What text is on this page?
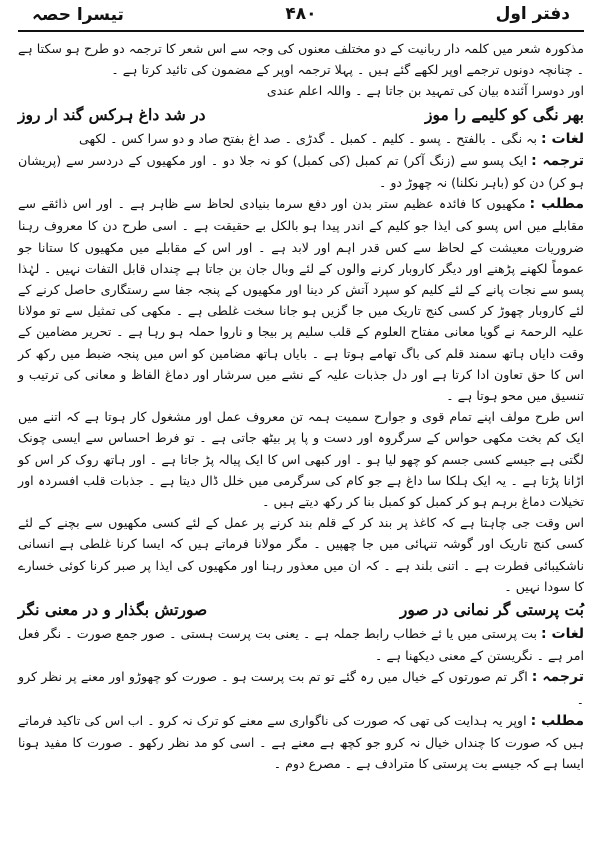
دفتر اول
۴۸۰
تیسرا حصہ

مذکورہ شعر میں کلمہ دار ربانیت کے دو مختلف معنوں کی وجہ سے اس شعر کا ترجمہ دو طرح ہو سکتا ہے ۔ چنانچہ دونوں ترجمے اوپر لکھے گئے ہیں ۔ پہلا ترجمہ اوپر کے مضمون کی تائید کرتا ہے ۔

اور دوسرا آئندہ بیان کی تمہید بن جاتا ہے ۔ واللہ اعلم عندی

بھر نگی کو کلیمے را موز
در شد داغ ہرکس گند ار روز

لغات :بہ نگی ۔ بالفتح ۔ پسو ۔ کلیم ۔ کمبل ۔ گدڑی ۔ صد اغ بفتح صاد و دو سرا کس ۔ لکھی

ترجمہ :ایک پسو سے (زنگ آکر) تم کمبل (کی کمبل) کو نہ جلا دو ۔ اور مکھیوں کے دردسر سے (پریشان ہو کر) دن کو (باہر نکلنا) نہ چھوڑ دو ۔

مطلب :مکھیوں کا فائدہ عظیم ستر بدن اور دفع سرما بنیادی لحاظ سے ظاہر ہے ۔ اور اس ذائقے سے مقابلے میں اس پسو کی ایذا جو کلیم کے اندر پیدا ہو بالکل بے حقیقت ہے ۔ اسی طرح دن کا معروف رہنا ضروریات معیشت کے لحاظ سے کس قدر اہم اور لابد ہے ۔ اور اس کے مقابلے میں مکھیوں کا ستانا جو عموماً لکھنے پڑھنے اور دیگر کاروبار کرنے والوں کے لئے وبال جان بن جاتا ہے چنداں قابل التفات نہیں ۔ لہٰذا پسو سے نجات پانے کے لئے کلیم کو سپرد آتش کر دینا اور مکھیوں کے پنجہ جفا سے رستگاری حاصل کرنے کے لئے کاروبار چھوڑ کر کسی کنج تاریک میں جا گزیں ہو جانا سخت غلطی ہے ۔ مکھی کی تمثیل سے تو مولانا علیہ الرحمۃ نے گویا معانی مفتاح العلوم کے قلب سلیم پر بیجا و ناروا حملہ ہو رہا ہے ۔ تحریر مضامین کے وقت دایاں ہاتھ سمند قلم کی باگ تھامے ہوتا ہے ۔ بایاں ہاتھ مضامین کو اس میں پنجہ ضبط میں رکھ کر اس کا حق تعاون ادا کرتا ہے اور دل جذبات علیہ کے نشے میں سرشار اور دماغ الفاظ و معانی کی ترتیب و تنسیق میں محو ہوتا ہے ۔

اس طرح مولف اپنے تمام قوی و جوارح سمیت ہمہ تن معروف عمل اور مشغول کار ہوتا ہے کہ اتنے میں ایک کم بخت مکھی حواس کے سرگروہ اور دست و پا پر بیٹھ جاتی ہے ۔ تو فرط احساس سے ایسی چونک لگتی ہے جیسے کسی جسم کو چھو لیا ہو ۔ اور کبھی اس کا ایک پیالہ پڑ جاتا ہے ۔ اور ہاتھ روک کر اس کو اڑانا پڑتا ہے ۔ یہ ایک ہلکا سا داغ ہے جو کام کی سرگرمی میں خلل ڈال دیتا ہے ۔ جذبات قلب افسردہ اور تخیلات دماغ برہم ہو کر کمبل کو کمبل بنا کر رکھ دیتے ہیں ۔

اس وقت جی چاہتا ہے کہ کاغذ پر بند کر کے قلم بند کرنے پر عمل کے لئے کسی مکھیوں سے بچنے کے لئے کسی کنج تاریک اور گوشہ تنہائی میں جا چھپیں ۔ مگر مولانا فرماتے ہیں کہ ایسا کرنا غلطی ہے انسانی ناشکیبائی فطرت ہے ۔ اتنی بلند ہے ۔ کہ ان میں معذور رہنا اور مکھیوں کی ایذا پر صبر کرنا کوئی خسارے کا سودا نہیں ۔

بُت پرستی گر نمانی در صور
صورتش بگذار و در معنی نگر

لغات :بت پرستی میں یا ئے خطاب رابط جملہ ہے ۔ یعنی بت پرست ہستی ۔ صور جمع صورت ۔ نگر فعل امر ہے ۔ نگریستن کے معنی دیکھنا ہے ۔

ترجمہ :اگر تم صورتوں کے خیال میں رہ گئے تو تم بت پرست ہو ۔ صورت کو چھوڑو اور معنے پر نظر کرو ۔

مطلب :اوپر یہ ہدایت کی تھی کہ صورت کی ناگواری سے معنے کو ترک نہ کرو ۔ اب اس کی تاکید فرماتے ہیں کہ صورت کا چنداں خیال نہ کرو جو کچھ ہے معنے ہے ۔ اسی کو مد نظر رکھو ۔ صورت کا مفید ہونا ایسا ہے کہ جیسے بت پرستی کا مترادف ہے ۔ مصرع دوم ۔
